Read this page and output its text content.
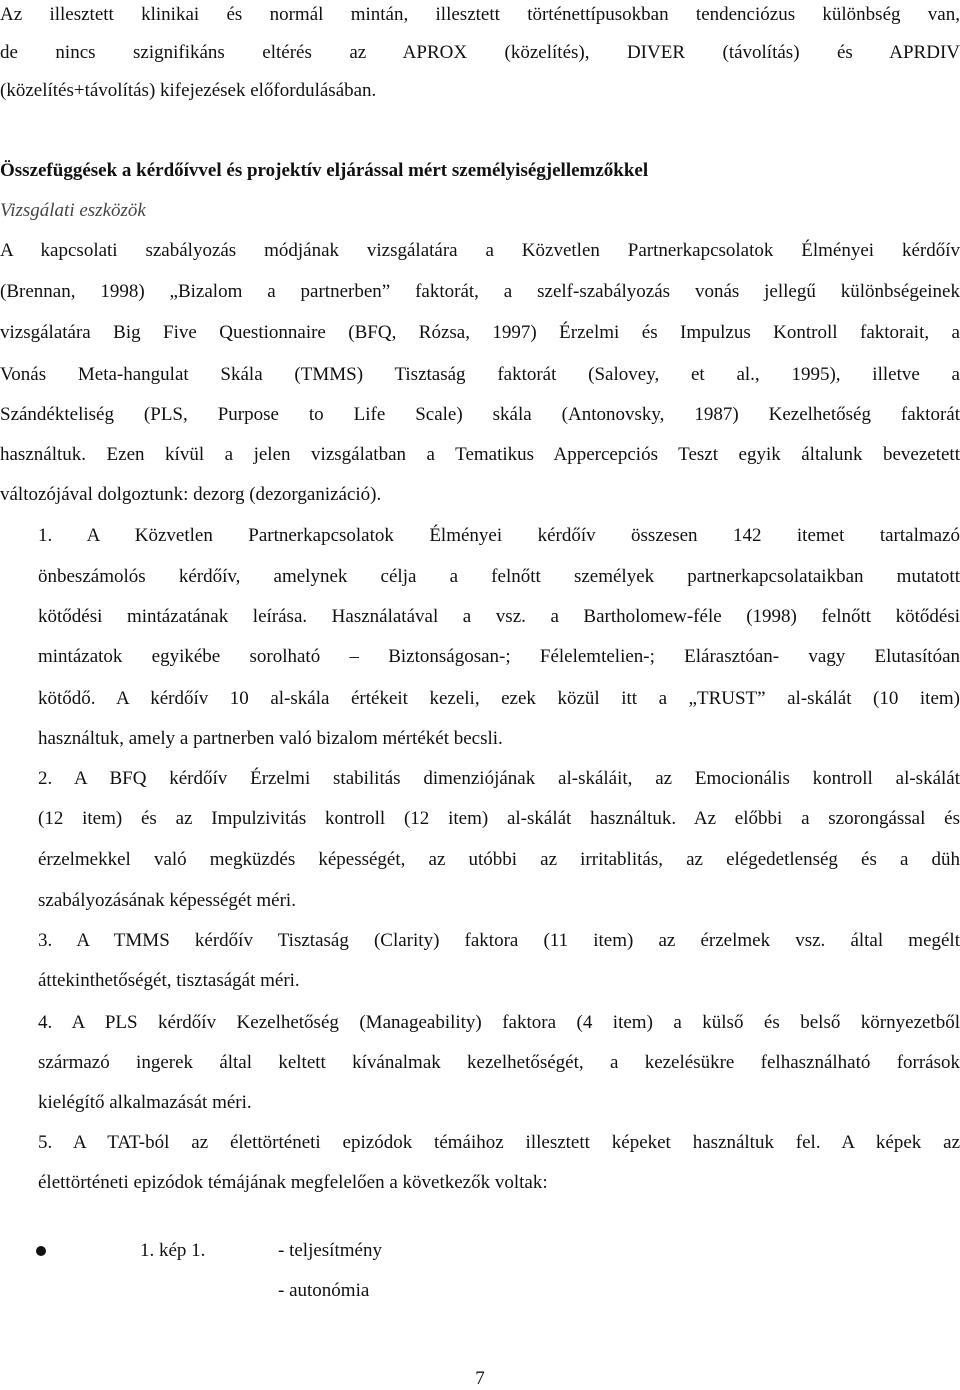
Az illesztett klinikai és normál mintán, illesztett történettípusokban tendenciózus különbség van,
de nincs szignifikáns eltérés az APROX (közelítés), DIVER (távolítás) és APRDIV
(közelítés+távolítás) kifejezések előfordulásában.
Összefüggések a kérdőívvel és projektív eljárással mért személyiségjellemzőkkel
Vizsgálati eszközök
A kapcsolati szabályozás módjának vizsgálatára a Közvetlen Partnerkapcsolatok Élményei kérdőív
(Brennan, 1998) „Bizalom a partnerben” faktorát, a szelf-szabályozás vonás jellegű különbségeinek
vizsgálatára Big Five Questionnaire (BFQ, Rózsa, 1997) Érzelmi és Impulzus Kontroll faktorait, a
Vonás Meta-hangulat Skála (TMMS) Tisztaság faktorát (Salovey, et al., 1995), illetve a
Szándékteliség (PLS, Purpose to Life Scale) skála (Antonovsky, 1987) Kezelhetőség faktorát
használtuk. Ezen kívül a jelen vizsgálatban a Tematikus Appercepciós Teszt egyik általunk bevezetett
változójával dolgoztunk: dezorg (dezorganizáció).
1. A Közvetlen Partnerkapcsolatok Élményei kérdőív összesen 142 itemet tartalmazó
önbeszámolós kérdőív, amelynek célja a felnőtt személyek partnerkapcsolataikban mutatott
kötődési mintázatának leírása. Használatával a vsz. a Bartholomew-féle (1998) felnőtt kötődési
mintázatok egyikébe sorolható – Biztonságosan-; Félelemtelien-; Elárasztóan- vagy Elutasítóan
kötődő. A kérdőív 10 al-skála értékeit kezeli, ezek közül itt a „TRUST” al-skálát (10 item)
használtuk, amely a partnerben való bizalom mértékét becsli.
2. A BFQ kérdőív Érzelmi stabilitás dimenziójának al-skáláit, az Emocionális kontroll al-skálát
(12 item) és az Impulzivitás kontroll (12 item) al-skálát használtuk. Az előbbi a szorongással és
érzelmekkel való megküzdés képességét, az utóbbi az irritablitás, az elégedetlenség és a düh
szabályozásának képességét méri.
3. A TMMS kérdőív Tisztaság (Clarity) faktora (11 item) az érzelmek vsz. által megélt
áttekinthetőségét, tisztaságát méri.
4. A PLS kérdőív Kezelhetőség (Manageability) faktora (4 item) a külső és belső környezetből
származó ingerek által keltett kívánalmak kezelhetőségét, a kezelésükre felhasználható források
kielégítő alkalmazását méri.
5. A TAT-ból az élettörténeti epizódok témáihoz illesztett képeket használtuk fel. A képek az
élettörténeti epizódok témájának megfelelően a következők voltak:
1. kép 1.	- teljesítmény
- autonómia
7
